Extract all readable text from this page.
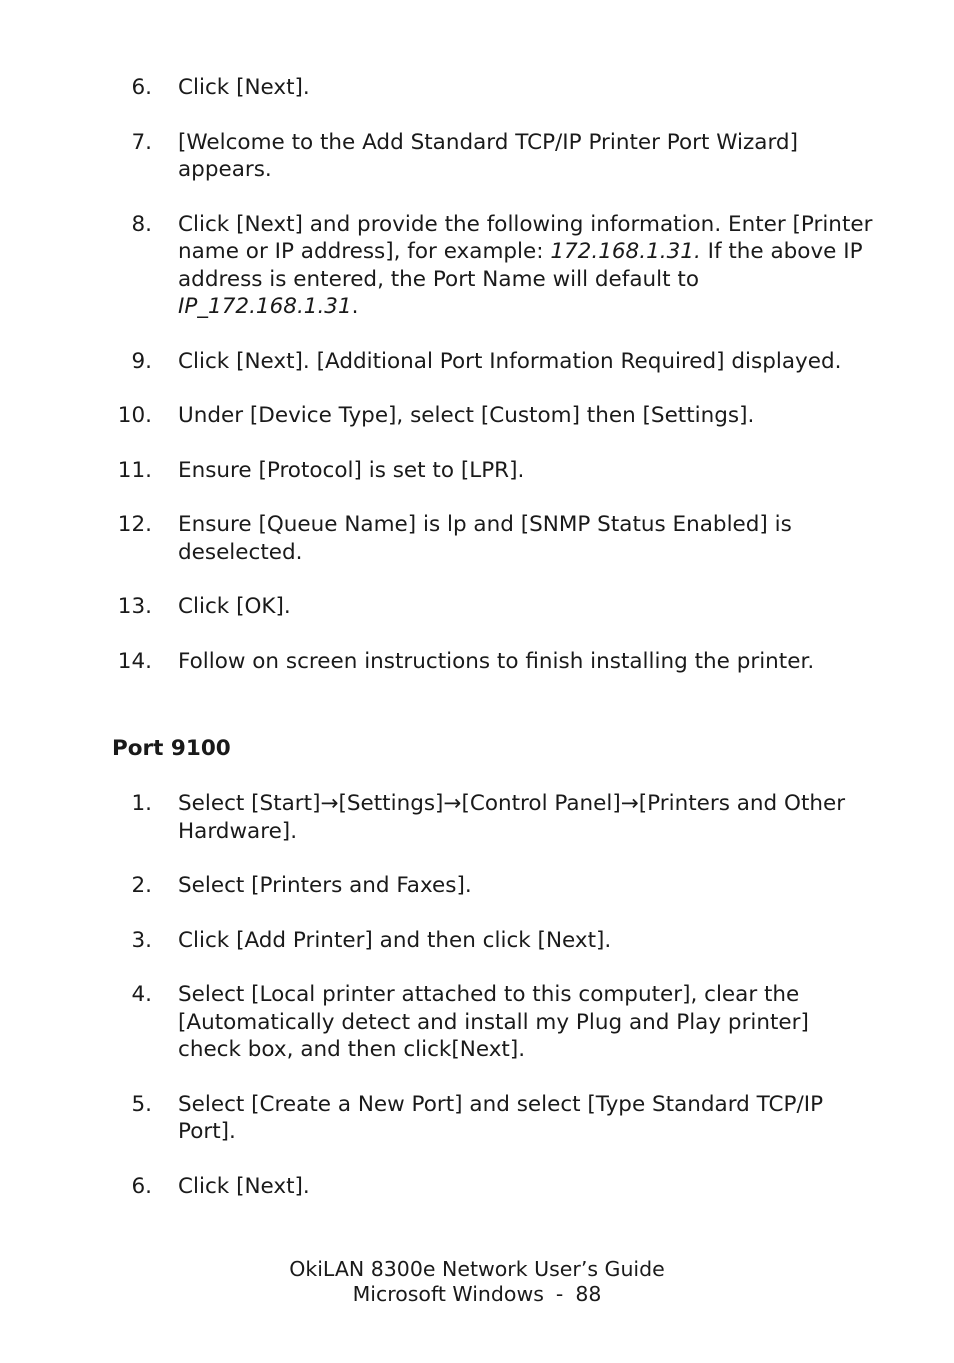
6. Click [Next].
7. [Welcome to the Add Standard TCP/IP Printer Port Wizard] appears.
8. Click [Next] and provide the following information. Enter [Printer name or IP address], for example: 172.168.1.31. If the above IP address is entered, the Port Name will default to IP_172.168.1.31.
9. Click [Next]. [Additional Port Information Required] displayed.
10. Under [Device Type], select [Custom] then [Settings].
11. Ensure [Protocol] is set to [LPR].
12. Ensure [Queue Name] is lp and [SNMP Status Enabled] is deselected.
13. Click [OK].
14. Follow on screen instructions to finish installing the printer.
Port 9100
1. Select [Start]→[Settings]→[Control Panel]→[Printers and Other Hardware].
2. Select [Printers and Faxes].
3. Click [Add Printer] and then click [Next].
4. Select [Local printer attached to this computer], clear the [Automatically detect and install my Plug and Play printer] check box, and then click[Next].
5. Select [Create a New Port] and select [Type Standard TCP/IP Port].
6. Click [Next].
OkiLAN 8300e Network User’s Guide
Microsoft Windows - 88
